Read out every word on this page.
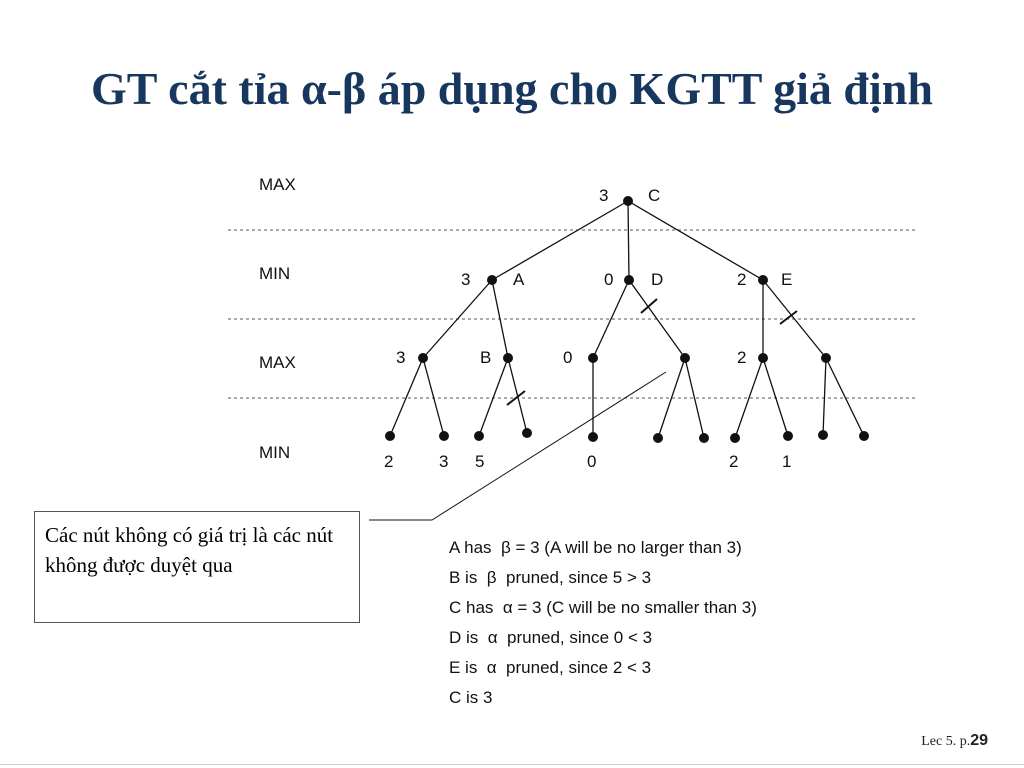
GT cắt tỉa α-β áp dụng cho KGTT giả định
MAX
MIN
MAX
MIN
3 C
3	A	0 D	2 E
3	B	0	2
2	3 5	0	2	1
Các nút không có giá trị là các nút không được duyệt qua
A has  β = 3 (A will be no larger than 3)
B is  β  pruned, since 5 > 3
C has  α = 3 (C will be no smaller than 3)
D is  α  pruned, since 0 < 3
E is  α  pruned, since 2 < 3
C is 3
Lec 5. p.29
